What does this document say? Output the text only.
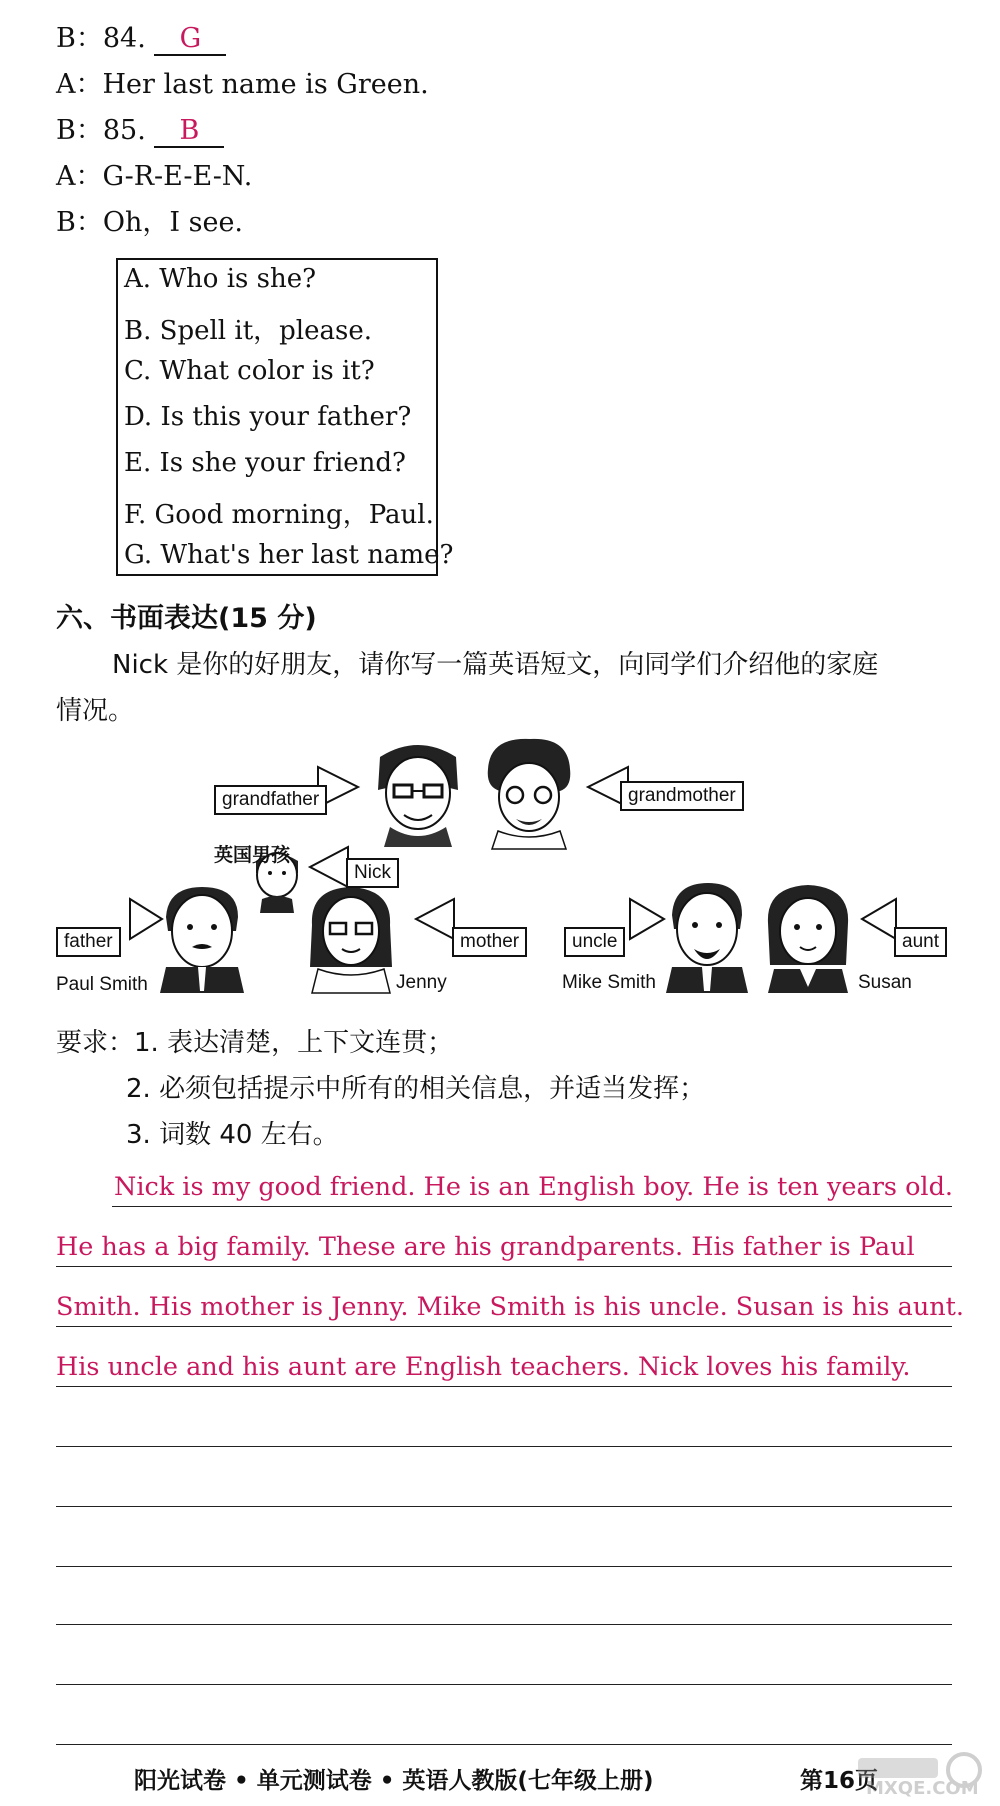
B：84. G
A：Her last name is Green.
B：85. B
A：G-R-E-E-N.
B：Oh，I see.
A. Who is she?
B. Spell it，please.
C. What color is it?
D. Is this your father?
E. Is she your friend?
F. Good morning，Paul.
G. What's her last name?
六、书面表达(15 分)
Nick 是你的好朋友，请你写一篇英语短文，向同学们介绍他的家庭
情况。
grandfather	grandmother
英国男孩
Nick
father
Paul Smith
mother
Jenny
uncle
Mike Smith
aunt
Susan
要求：1. 表达清楚，上下文连贯；
2. 必须包括提示中所有的相关信息，并适当发挥；
3. 词数 40 左右。
Nick is my good friend. He is an English boy. He is ten years old.
He has a big family. These are his grandparents. His father is Paul
Smith. His mother is Jenny. Mike Smith is his uncle. Susan is his aunt.
His uncle and his aunt are English teachers. Nick loves his family.
阳光试卷 • 单元测试卷 • 英语人教版(七年级上册)	第16页
MXQE.COM
